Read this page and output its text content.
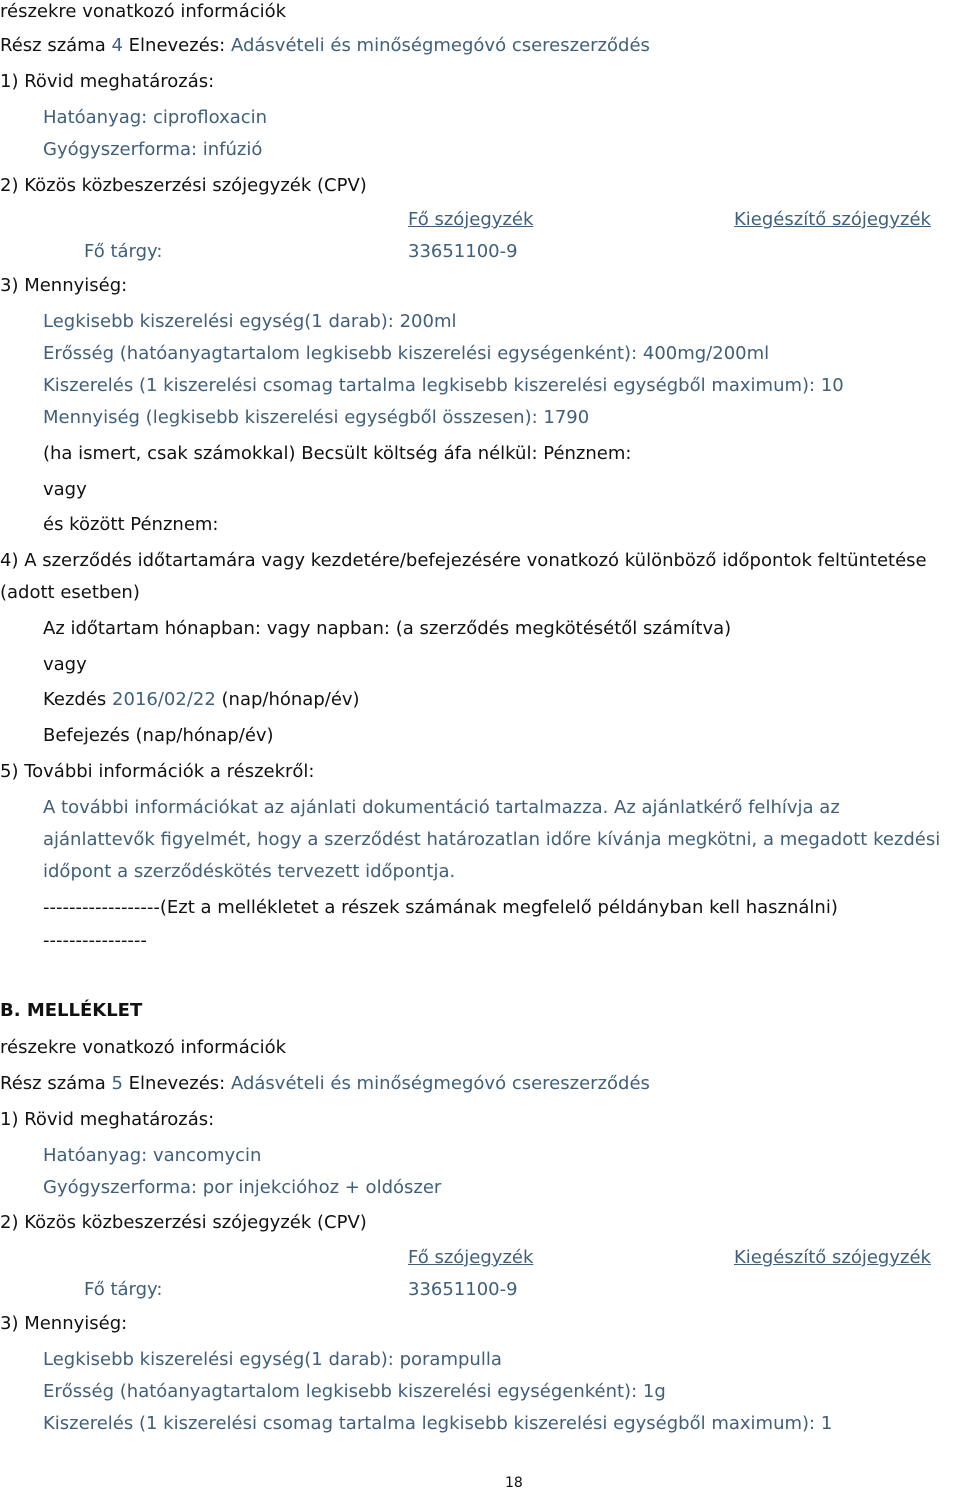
részekre vonatkozó információk
Rész száma 4 Elnevezés: Adásvételi és minőségmegóvó csereszerződés
1) Rövid meghatározás:
Hatóanyag: ciprofloxacin
Gyógyszerforma: infúzió
2) Közös közbeszerzési szójegyzék (CPV)
Fő szójegyzék	Kiegészítő szójegyzék
Fő tárgy:	33651100-9
3) Mennyiség:
Legkisebb kiszerelési egység(1 darab): 200ml
Erősség (hatóanyagtartalom legkisebb kiszerelési egységenként): 400mg/200ml
Kiszerelés (1 kiszerelési csomag tartalma legkisebb kiszerelési egységből maximum): 10
Mennyiség (legkisebb kiszerelési egységből összesen): 1790
(ha ismert, csak számokkal) Becsült költség áfa nélkül: Pénznem:
vagy
és között Pénznem:
4) A szerződés időtartamára vagy kezdetére/befejezésére vonatkozó különböző időpontok feltüntetése
(adott esetben)
Az időtartam hónapban: vagy napban: (a szerződés megkötésétől számítva)
vagy
Kezdés 2016/02/22 (nap/hónap/év)
Befejezés (nap/hónap/év)
5) További információk a részekről:
A további információkat az ajánlati dokumentáció tartalmazza. Az ajánlatkérő felhívja az
ajánlattevők figyelmét, hogy a szerződést határozatlan időre kívánja megkötni, a megadott kezdési
időpont a szerződéskötés tervezett időpontja.
------------------(Ezt a mellékletet a részek számának megfelelő példányban kell használni)
----------------
B. MELLÉKLET
részekre vonatkozó információk
Rész száma 5 Elnevezés: Adásvételi és minőségmegóvó csereszerződés
1) Rövid meghatározás:
Hatóanyag: vancomycin
Gyógyszerforma: por injekcióhoz + oldószer
2) Közös közbeszerzési szójegyzék (CPV)
Fő szójegyzék	Kiegészítő szójegyzék
Fő tárgy:	33651100-9
3) Mennyiség:
Legkisebb kiszerelési egység(1 darab): porampulla
Erősség (hatóanyagtartalom legkisebb kiszerelési egységenként): 1g
Kiszerelés (1 kiszerelési csomag tartalma legkisebb kiszerelési egységből maximum): 1
18
